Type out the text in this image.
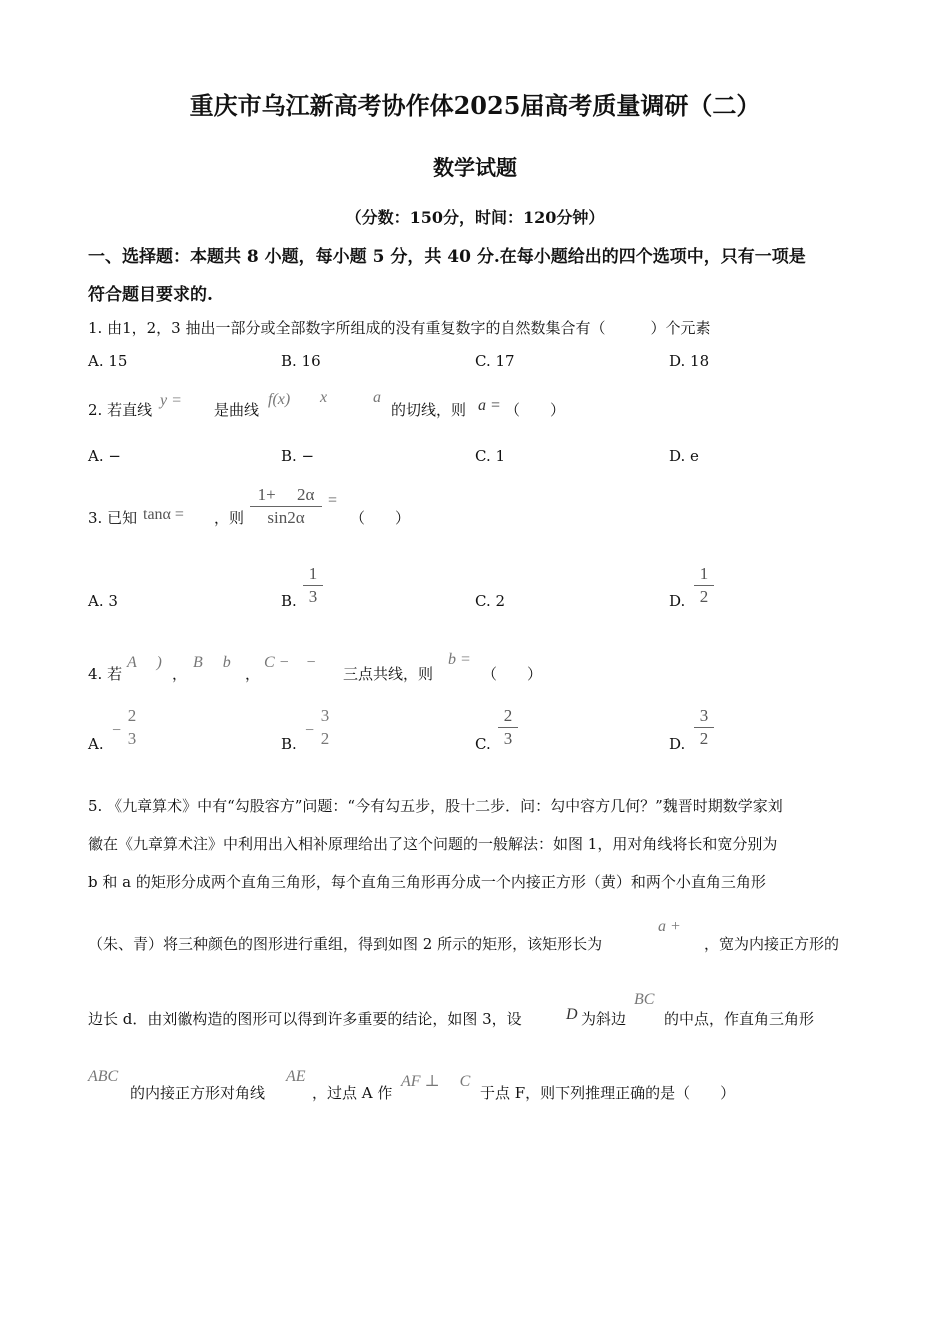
重庆市乌江新高考协作体2025届高考质量调研（二）
数学试题
（分数：150分，时间：120分钟）
一、选择题：本题共 8 小题，每小题 5 分，共 40 分.在每小题给出的四个选项中，只有一项是
符合题目要求的.
1. 由1，2，3 抽出一部分或全部数字所组成的没有重复数字的自然数集合有（　　　）个元素
A. 15	B. 16	C. 17	D. 18
2. 若直线
y =
是曲线
f(x) x	a
的切线，则 a = （　　）
A. −	B. −	C. 1	D. e
3. 已知 tanα = ，则
1+　 2α
sin2α
=
（　　）
A. 3	B.
1
3	C. 2	D.
1
2
4. 若
A　 )
，
B　 b
，
C −　−
三点共线，则
b =
（　　）
A.
−
2
3	B.
−
3
2	C.
2
3	D.
3
2
5. 《九章算术》中有“勾股容方”问题：“今有勾五步，股十二步．问：勾中容方几何？”魏晋时期数学家刘
徽在《九章算术注》中利用出入相补原理给出了这个问题的一般解法：如图 1，用对角线将长和宽分别为
b 和 a 的矩形分成两个直角三角形，每个直角三角形再分成一个内接正方形（黄）和两个小直角三角形
（朱、青）将三种颜色的图形进行重组，得到如图 2 所示的矩形，该矩形长为
a +
，宽为内接正方形的
边长 d．由刘徽构造的图形可以得到许多重要的结论，如图 3，设	D 为斜边
BC
的中点，作直角三角形
ABC
的内接正方形对角线
AE
，过点 A 作
AF ⊥　 C
于点 F，则下列推理正确的是（　　）
